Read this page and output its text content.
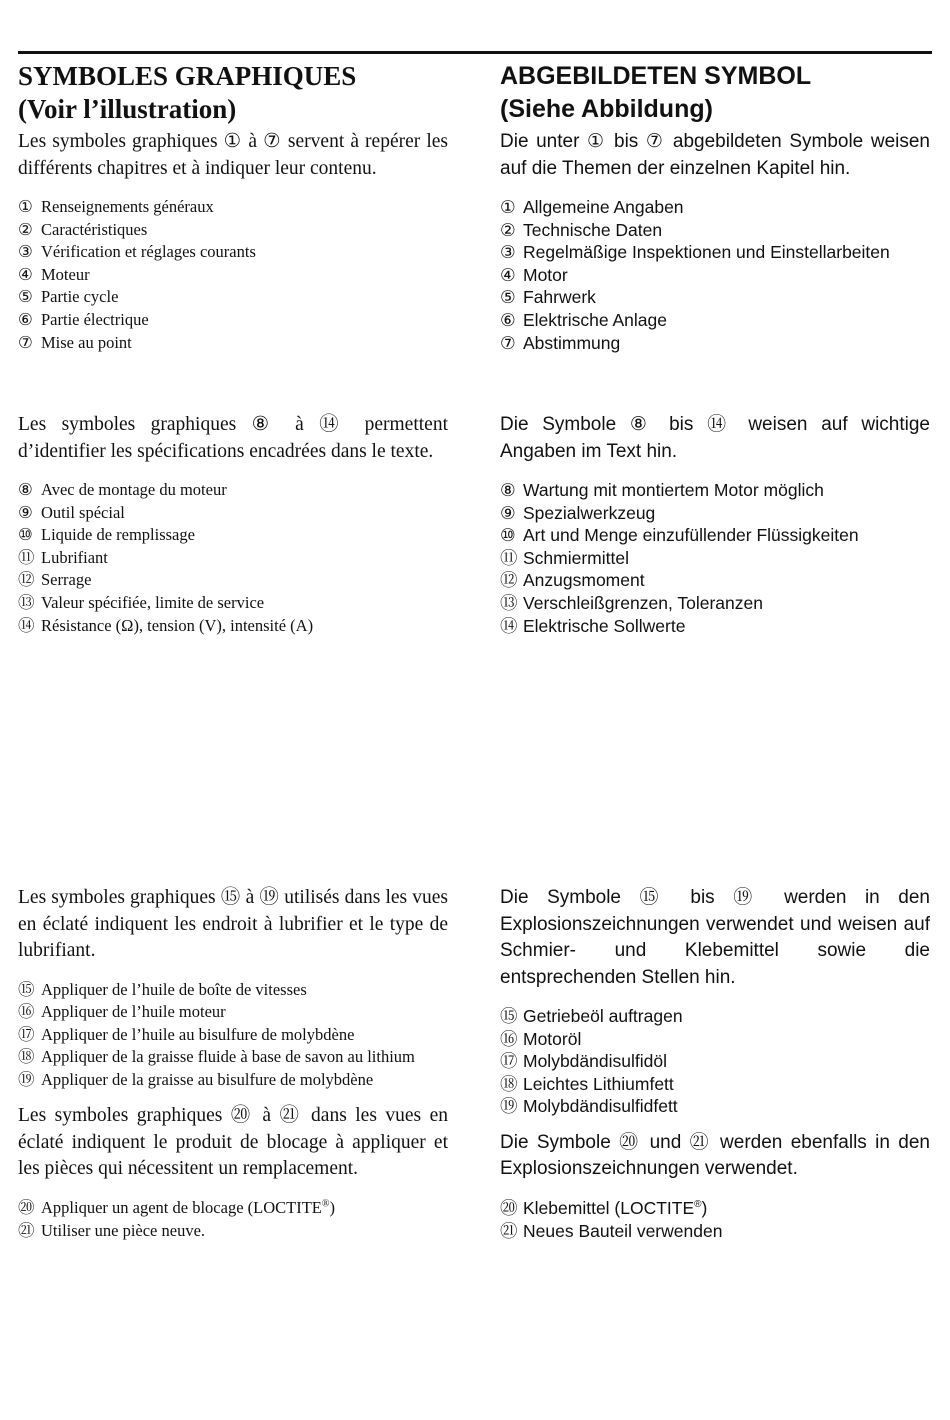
SYMBOLES GRAPHIQUES
(Voir l’illustration)

Les symboles graphiques ① à ⑦ servent à repérer les différents chapitres et à indiquer leur contenu.

① Renseignements généraux
② Caractéristiques
③ Vérification et réglages courants
④ Moteur
⑤ Partie cycle
⑥ Partie électrique
⑦ Mise au point

Les symboles graphiques ⑧ à ⑭ permettent d’identifier les spécifications encadrées dans le texte.

⑧ Avec de montage du moteur
⑨ Outil spécial
⑩ Liquide de remplissage
⑪ Lubrifiant
⑫ Serrage
⑬ Valeur spécifiée, limite de service
⑭ Résistance (Ω), tension (V), intensité (A)

Les symboles graphiques ⑮ à ⑲ utilisés dans les vues en éclaté indiquent les endroit à lubrifier et le type de lubrifiant.

⑮ Appliquer de l’huile de boîte de vitesses
⑯ Appliquer de l’huile moteur
⑰ Appliquer de l’huile au bisulfure de molybdène
⑱ Appliquer de la graisse fluide à base de savon au lithium
⑲ Appliquer de la graisse au bisulfure de molybdène

Les symboles graphiques ⑳ à ㉑ dans les vues en éclaté indiquent le produit de blocage à appliquer et les pièces qui nécessitent un remplacement.

⑳ Appliquer un agent de blocage (LOCTITE®)
㉑ Utiliser une pièce neuve.
ABGEBILDETEN SYMBOL
(Siehe Abbildung)

Die unter ① bis ⑦ abgebildeten Symbole weisen auf die Themen der einzelnen Kapitel hin.

① Allgemeine Angaben
② Technische Daten
③ Regelmäßige Inspektionen und Einstellarbeiten
④ Motor
⑤ Fahrwerk
⑥ Elektrische Anlage
⑦ Abstimmung

Die Symbole ⑧ bis ⑭ weisen auf wichtige Angaben im Text hin.

⑧ Wartung mit montiertem Motor möglich
⑨ Spezialwerkzeug
⑩ Art und Menge einzufüllender Flüssigkeiten
⑪ Schmiermittel
⑫ Anzugsmoment
⑬ Verschleißgrenzen, Toleranzen
⑭ Elektrische Sollwerte

Die Symbole ⑮ bis ⑲ werden in den Explosionszeichnungen verwendet und weisen auf Schmier- und Klebemittel sowie die entsprechenden Stellen hin.

⑮ Getriebeöl auftragen
⑯ Motoröl
⑰ Molybdändisulfidöl
⑱ Leichtes Lithiumfett
⑲ Molybdändisulfidfett

Die Symbole ⑳ und ㉑ werden ebenfalls in den Explosionszeichnungen verwendet.

⑳ Klebemittel (LOCTITE®)
㉑ Neues Bauteil verwenden
